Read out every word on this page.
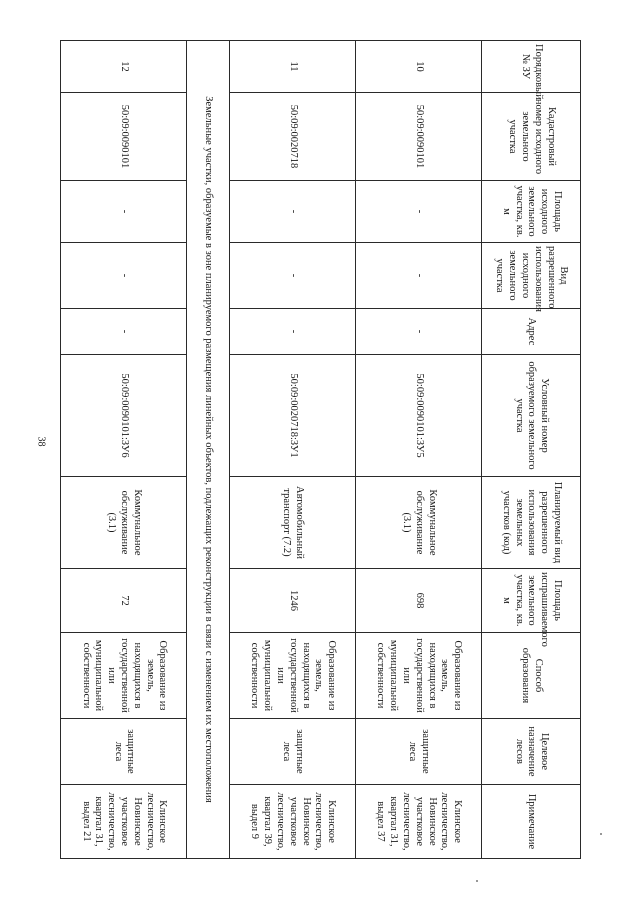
38
Порядковый № ЗУ	Кадастровый номер исходного земельного участка	Площадь исходного земельного участка, кв. м	Вид разрешенного использования исходного земельного участка	Адрес	Условный номер образуемого земельного участка	Планируемый вид разрешенного использования земельных участков (код)	Площадь испрашиваемого земельного участка, кв. м	Способ образования	Целевое назначение лесов	Примечание
10	50:09:0090101	-	-	-	50:09:0090101:ЗУ5	Коммунальное обслуживание (3.1)	698	Образование из земель, находящихся в государственной или муниципальной собственности	защитные леса	Клинское лесничество, Новинское участковое лесничество, квартал 31, выдел 37
11	50:09:0020718	-	-	-	50:09:0020718:ЗУ1	Автомобильный транспорт (7.2)	1246	Образование из земель, находящихся в государственной или муниципальной собственности	защитные леса	Клинское лесничество, Новинское участковое лесничество, квартал 39, выдел 9
Земельные участки, образуемые в зоне планируемого размещения линейных объектов, подлежащих реконструкции в связи с изменением их местоположения										
12	50:09:0090101	-	-	-	50:09:0090101:ЗУ6	Коммунальное обслуживание (3.1)	72	Образование из земель, находящихся в государственной или муниципальной собственности	защитные леса	Клинское лесничество, Новинское участковое лесничество, квартал 31, выдел 21
